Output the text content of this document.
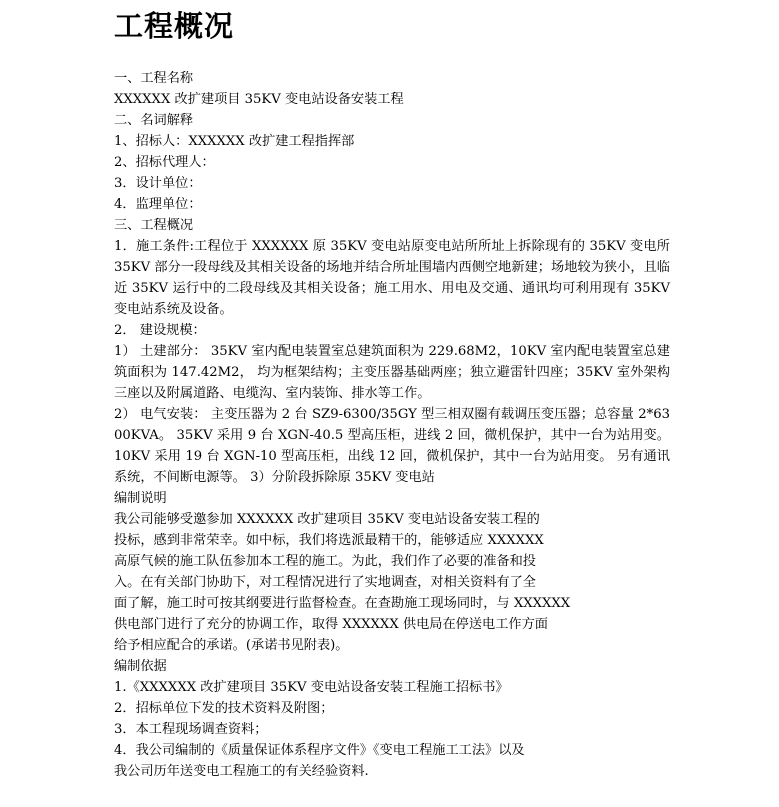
工程概况
一、工程名称
XXXXXX 改扩建项目 35KV 变电站设备安装工程
二、名词解释
1、招标人：XXXXXX 改扩建工程指挥部
2、招标代理人：
3．设计单位：
4．监理单位：
三、工程概况
1．施工条件:工程位于 XXXXXX 原 35KV 变电站原变电站所所址上拆除现有的 35KV 变电所 35KV 部分一段母线及其相关设备的场地并结合所址围墙内西侧空地新建；场地较为狭小，且临近 35KV 运行中的二段母线及其相关设备；施工用水、用电及交通、通讯均可利用现有 35KV 变电站系统及设备。
2． 建设规模：
1） 土建部分： 35KV 室内配电装置室总建筑面积为 229.68M2，10KV 室内配电装置室总建筑面积为 147.42M2， 均为框架结构；主变压器基础两座；独立避雷针四座；35KV 室外架构三座以及附属道路、电缆沟、室内装饰、排水等工作。
2） 电气安装： 主变压器为 2 台 SZ9-6300/35GY 型三相双圈有载调压变压器；总容量 2*6300KVA。 35KV 采用 9 台 XGN-40.5 型高压柜，进线 2 回，微机保护，其中一台为站用变。 10KV 采用 19 台 XGN-10 型高压柜，出线 12 回，微机保护，其中一台为站用变。 另有通讯系统，不间断电源等。 3）分阶段拆除原 35KV 变电站
编制说明
我公司能够受邀参加 XXXXXX 改扩建项目 35KV 变电站设备安装工程的
投标，感到非常荣幸。如中标，我们将选派最精干的，能够适应 XXXXXX
高原气候的施工队伍参加本工程的施工。为此，我们作了必要的准备和投
入。在有关部门协助下，对工程情况进行了实地调查，对相关资料有了全
面了解，施工时可按其纲要进行监督检查。在查勘施工现场同时，与 XXXXXX
供电部门进行了充分的协调工作，取得 XXXXXX 供电局在停送电工作方面
给予相应配合的承诺。(承诺书见附表)。
编制依据
1.《XXXXXX 改扩建项目 35KV 变电站设备安装工程施工招标书》
2．招标单位下发的技术资料及附图；
3．本工程现场调查资料；
4．我公司编制的《质量保证体系程序文件》《变电工程施工工法》以及
我公司历年送变电工程施工的有关经验资料.
